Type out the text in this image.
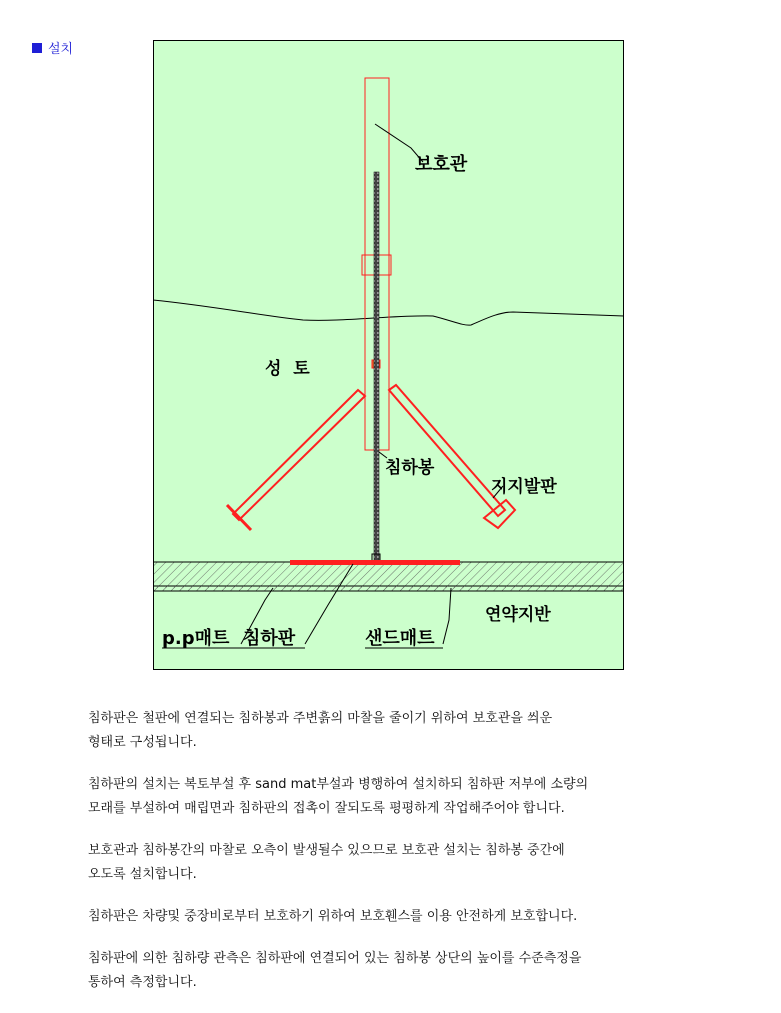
설치
보호관
성  토
침하봉
지지발판
p.p매트 침하판	샌드매트
연약지반

침하판은 철판에 연결되는 침하봉과 주변흙의 마찰을 줄이기 위하여 보호관을 씌운
형태로 구성됩니다.

침하판의 설치는 복토부설 후 sand mat부설과 병행하여 설치하되 침하판 저부에 소량의
모래를 부설하여 매립면과 침하판의 접촉이 잘되도록 평평하게 작업해주어야 합니다.

보호관과 침하봉간의 마찰로 오측이 발생될수 있으므로 보호관 설치는 침하봉 중간에
오도록 설치합니다.

침하판은 차량및 중장비로부터 보호하기 위하여 보호휀스를 이용 안전하게 보호합니다.

침하판에 의한 침하량 관측은 침하판에 연결되어 있는 침하봉 상단의 높이를 수준측정을
통하여 측정합니다.
